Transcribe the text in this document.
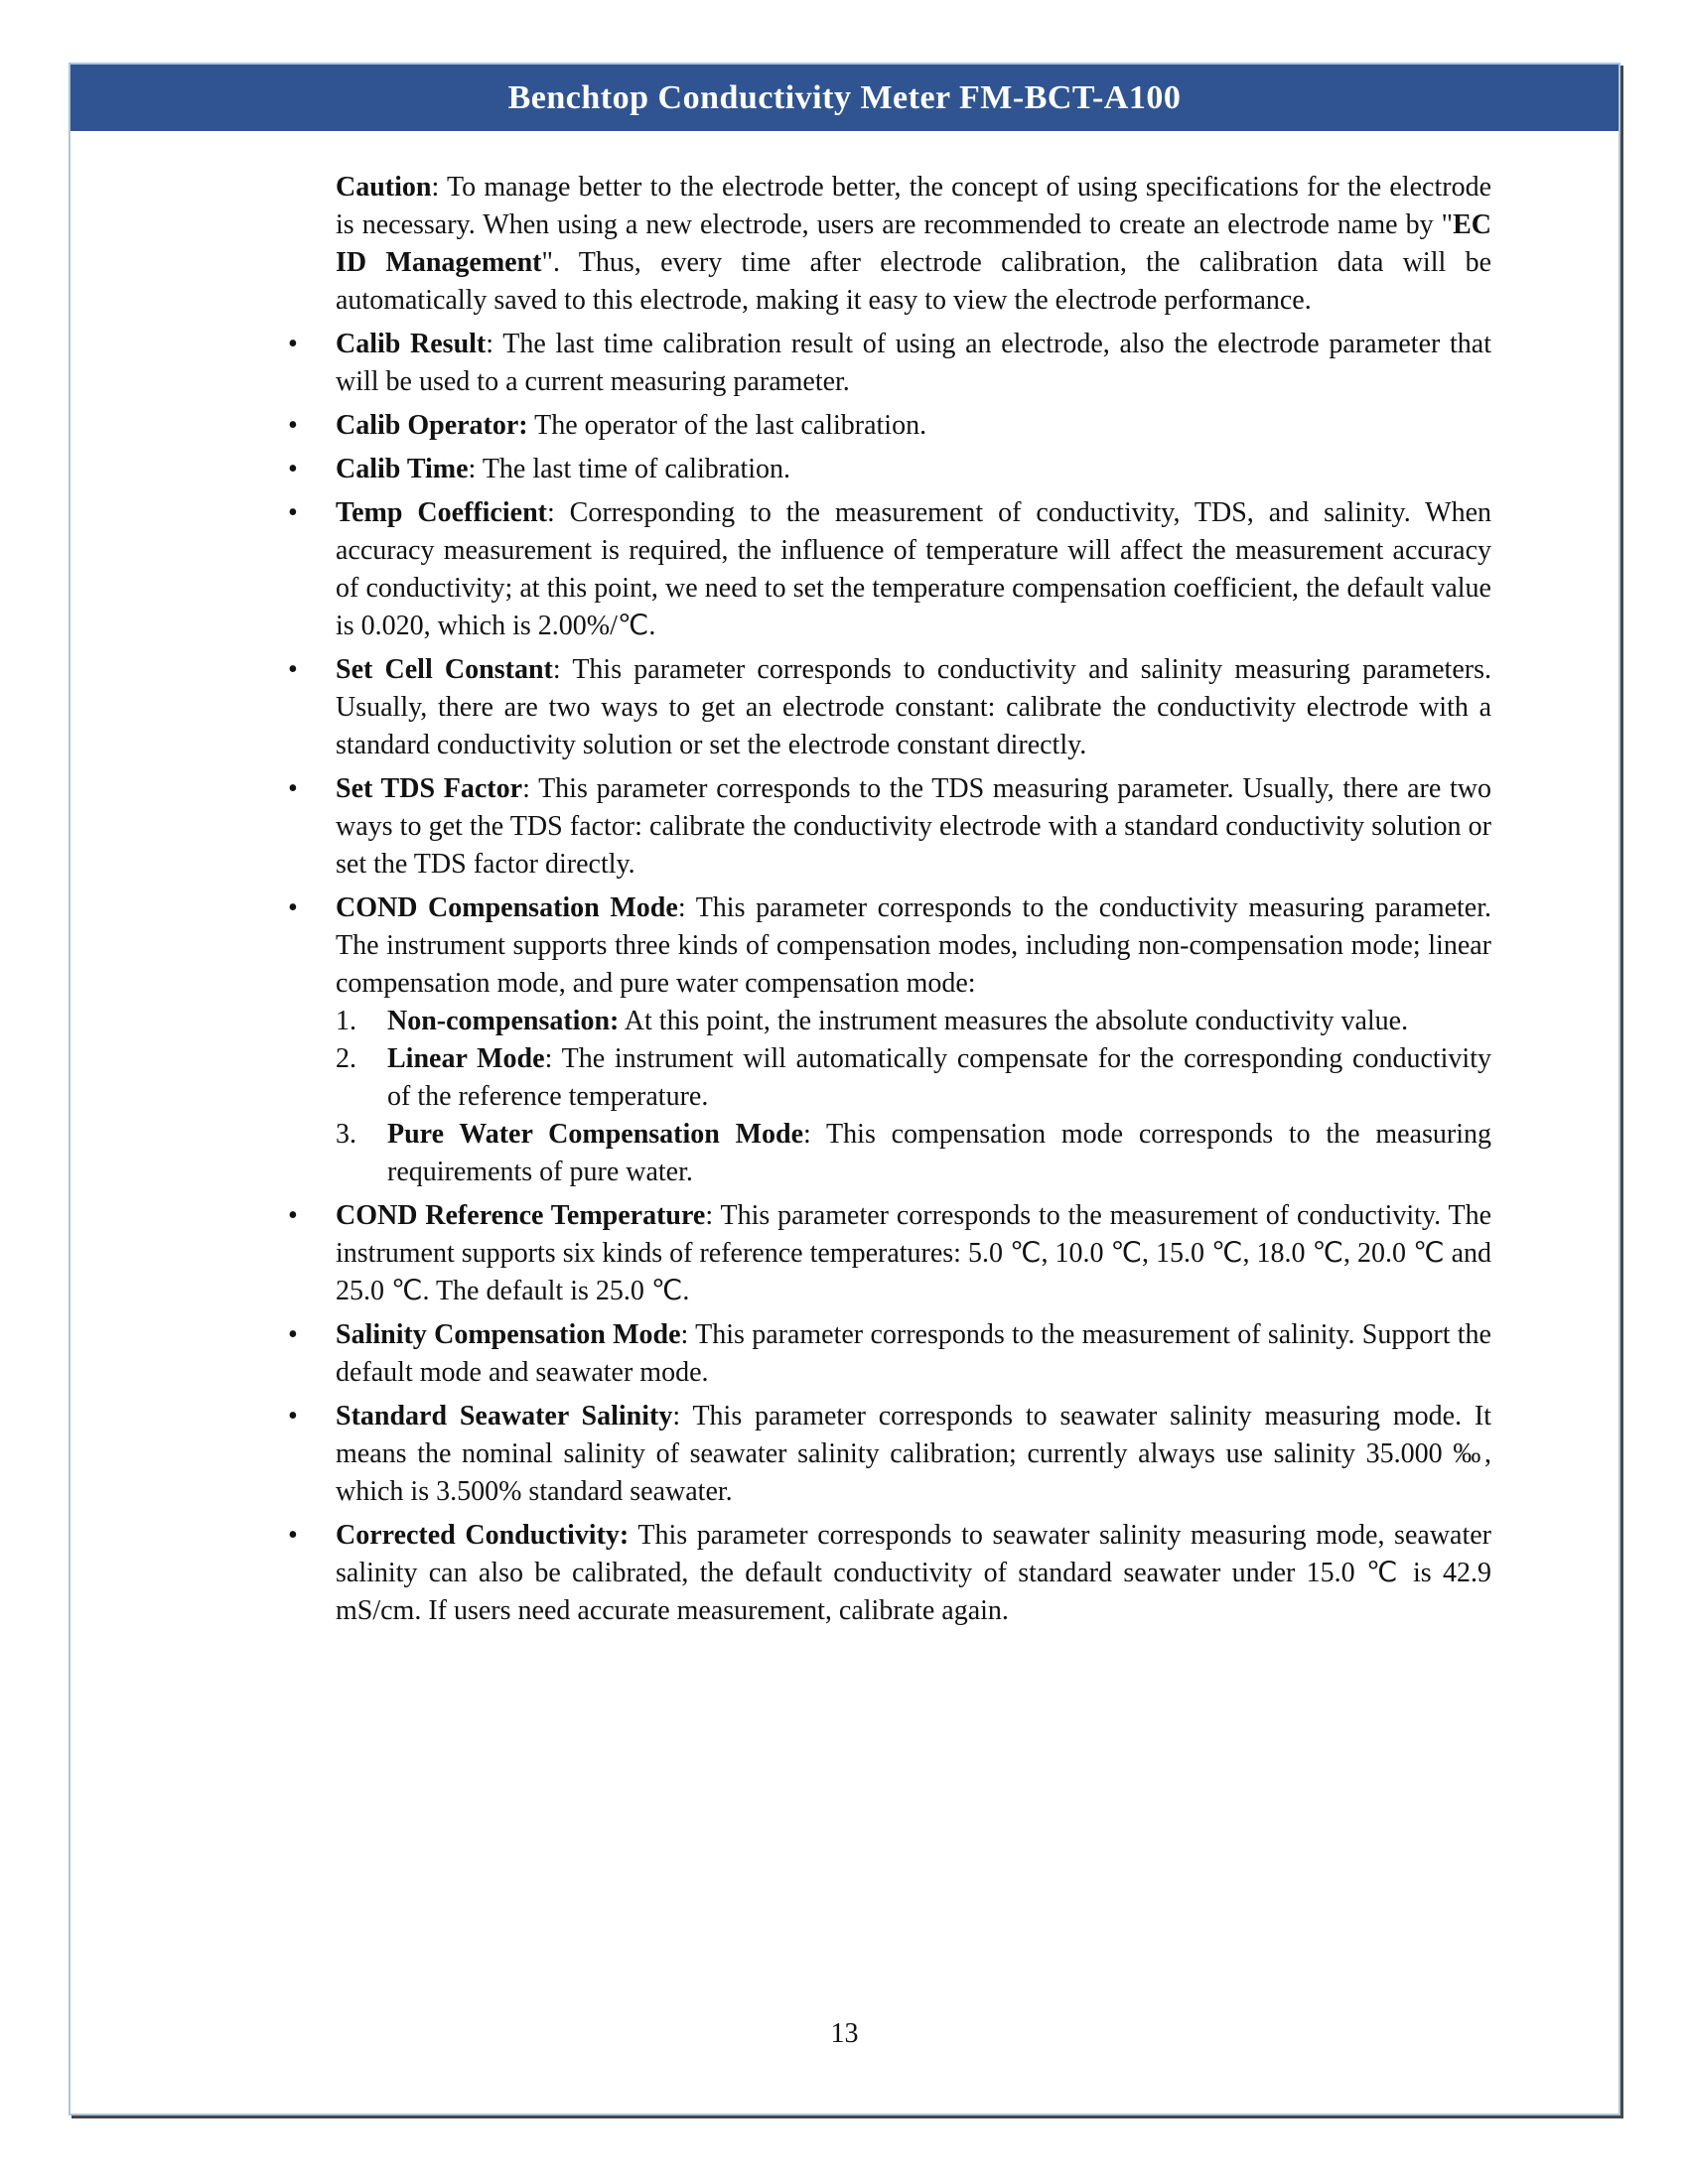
Benchtop Conductivity Meter FM-BCT-A100

Caution: To manage better to the electrode better, the concept of using specifications for the electrode is necessary. When using a new electrode, users are recommended to create an electrode name by "EC ID Management". Thus, every time after electrode calibration, the calibration data will be automatically saved to this electrode, making it easy to view the electrode performance.

•	Calib Result: The last time calibration result of using an electrode, also the electrode parameter that will be used to a current measuring parameter.
•	Calib Operator: The operator of the last calibration.
•	Calib Time: The last time of calibration.
•	Temp Coefficient: Corresponding to the measurement of conductivity, TDS, and salinity. When accuracy measurement is required, the influence of temperature will affect the measurement accuracy of conductivity; at this point, we need to set the temperature compensation coefficient, the default value is 0.020, which is 2.00%/℃.
•	Set Cell Constant: This parameter corresponds to conductivity and salinity measuring parameters. Usually, there are two ways to get an electrode constant: calibrate the conductivity electrode with a standard conductivity solution or set the electrode constant directly.
•	Set TDS Factor: This parameter corresponds to the TDS measuring parameter. Usually, there are two ways to get the TDS factor: calibrate the conductivity electrode with a standard conductivity solution or set the TDS factor directly.
•	COND Compensation Mode: This parameter corresponds to the conductivity measuring parameter. The instrument supports three kinds of compensation modes, including non-compensation mode; linear compensation mode, and pure water compensation mode:
1.	Non-compensation: At this point, the instrument measures the absolute conductivity value.
2.	Linear Mode: The instrument will automatically compensate for the corresponding conductivity of the reference temperature.
3.	Pure Water Compensation Mode: This compensation mode corresponds to the measuring requirements of pure water.
•	COND Reference Temperature: This parameter corresponds to the measurement of conductivity. The instrument supports six kinds of reference temperatures: 5.0 ℃, 10.0 ℃, 15.0 ℃, 18.0 ℃, 20.0 ℃ and 25.0 ℃. The default is 25.0 ℃.
•	Salinity Compensation Mode: This parameter corresponds to the measurement of salinity. Support the default mode and seawater mode.
•	Standard Seawater Salinity: This parameter corresponds to seawater salinity measuring mode. It means the nominal salinity of seawater salinity calibration; currently always use salinity 35.000 ‰, which is 3.500% standard seawater.
•	Corrected Conductivity: This parameter corresponds to seawater salinity measuring mode, seawater salinity can also be calibrated, the default conductivity of standard seawater under 15.0 ℃ is 42.9 mS/cm. If users need accurate measurement, calibrate again.
13
